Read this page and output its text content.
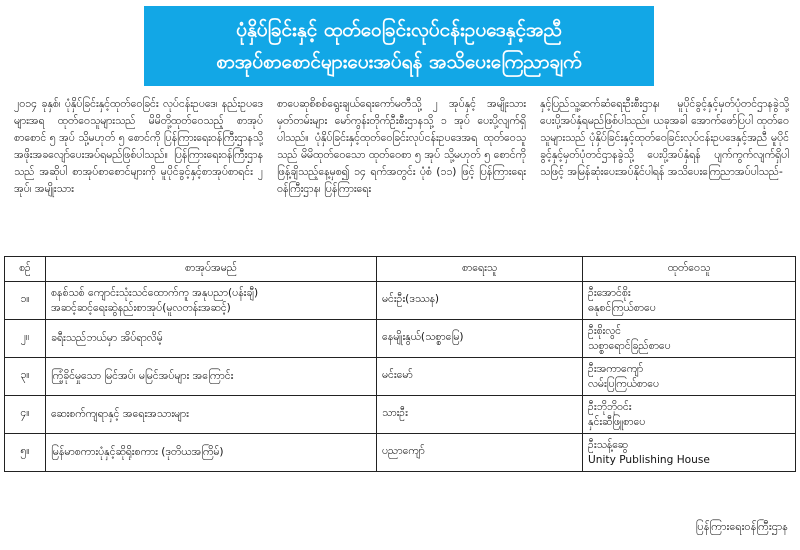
ပုံနှိပ်ခြင်းနှင့် ထုတ်ဝေခြင်းလုပ်ငန်းဥပဒေနှင့်အညီ
စာအုပ်စာစောင်များပေးအပ်ရန် အသိပေးကြေညာချက်

၂၀၁၄ ခုနှစ်၊ ပုံနှိပ်ခြင်းနှင့်ထုတ်ဝေခြင်း လုပ်ငန်းဥပဒေ၊ နည်းဥပဒေများအရ ထုတ်ဝေသူများသည် မိမိတို့ထုတ်ဝေသည့် စာအုပ်စာစောင် ၅ အုပ် သို့မဟုတ် ၅ စောင်ကို ပြန်ကြားရေးဝန်ကြီးဌာနသို့ အဖိုးအခလျော်ပေးအပ်ရမည်ဖြစ်ပါသည်။ ပြန်ကြားရေးဝန်ကြီးဌာနသည် အဆိုပါ စာအုပ်စာစောင်များကို မူပိုင်ခွင့်နှင့်စာအုပ်စာရင်း ၂ အုပ်၊ အမျိုးသား

စာပေဆုစိစစ်ရွေးချယ်ရေးကော်မတီသို့ ၂ အုပ်နှင့် အမျိုးသားမှတ်တမ်းများ မော်ကွန်းတိုက်ဦးစီးဌာနသို့ ၁ အုပ် ပေးပို့လျက်ရှိပါသည်။ ပုံနှိပ်ခြင်းနှင့်ထုတ်ဝေခြင်းလုပ်ငန်းဥပဒေအရ ထုတ်ဝေသူသည် မိမိထုတ်ဝေသော ထုတ်ဝေစာ ၅ အုပ် သို့မဟုတ် ၅ စောင်ကို ဖြန့်ချိသည့်နေ့မှစ၍ ၁၄ ရက်အတွင်း ပုံစံ (၁၁) ဖြင့် ပြန်ကြားရေးဝန်ကြီးဌာန၊ ပြန်ကြားရေး

နှင့်ပြည်သူ့ဆက်ဆံရေးဦးစီးဌာန၊ မူပိုင်ခွင့်နှင့်မှတ်ပုံတင်ဌာနခွဲသို့ ပေးပို့အပ်နှံရမည်ဖြစ်ပါသည်။ ယခုအခါ အောက်ဖော်ပြပါ ထုတ်ဝေသူများသည် ပုံနှိပ်ခြင်းနှင့်ထုတ်ဝေခြင်းလုပ်ငန်းဥပဒေနှင့်အညီ မူပိုင်ခွင့်နှင့်မှတ်ပုံတင်ဌာနခွဲသို့ ပေးပို့အပ်နှံရန် ပျက်ကွက်လျက်ရှိပါသဖြင့် အမြန်ဆုံးပေးအပ်နိုင်ပါရန် အသိပေးကြေညာအပ်ပါသည်-

စဉ်	စာအုပ်အမည်	စာရေးသူ	ထုတ်ဝေသူ
၁။	စနစ်သစ် ကျောင်းသုံးသင်ထောက်ကူ အနုပညာ(ပန်းချီ)
အဆင့်ဆင့်ရေးဆွဲနည်းစာအုပ်(မူလတန်းအဆင့်)	မင်းဦး(ဒဿန)	ဦးအောင်စိုး
ဓနုစင်ကြယ်စာပေ

၂။	ခရီးသည်ဘယ်မှာ အိပ်ရာလိမ့်	နေမျိုးနွယ်(သစ္စာမြေ)	ဦးစိုးလွင်
သစ္စာရောင်ခြည်စာပေ

၃။	ကြံ့ခိုင်မှုသော မြင်အပ်၊ မမြင်အပ်များ အကြောင်း	မင်းမော်	ဦးအကာကျော်
လမ်းပြကြယ်စာပေ

၄။	ဆေးစက်ကျရာနှင့် အရေးအသားများ	သားဦး	ဦးဘိုဘိုဝင်း
နှင်းဆီဖြူစာပေ

၅။	မြန်မာစကားပုံနှင့်ဆိုရိုးစကား (ဒုတိယအကြိမ်)	ပညာကျော်	ဦးသန့်ဆွေ
Unity Publishing House
ပြန်ကြားရေးဝန်ကြီးဌာန
